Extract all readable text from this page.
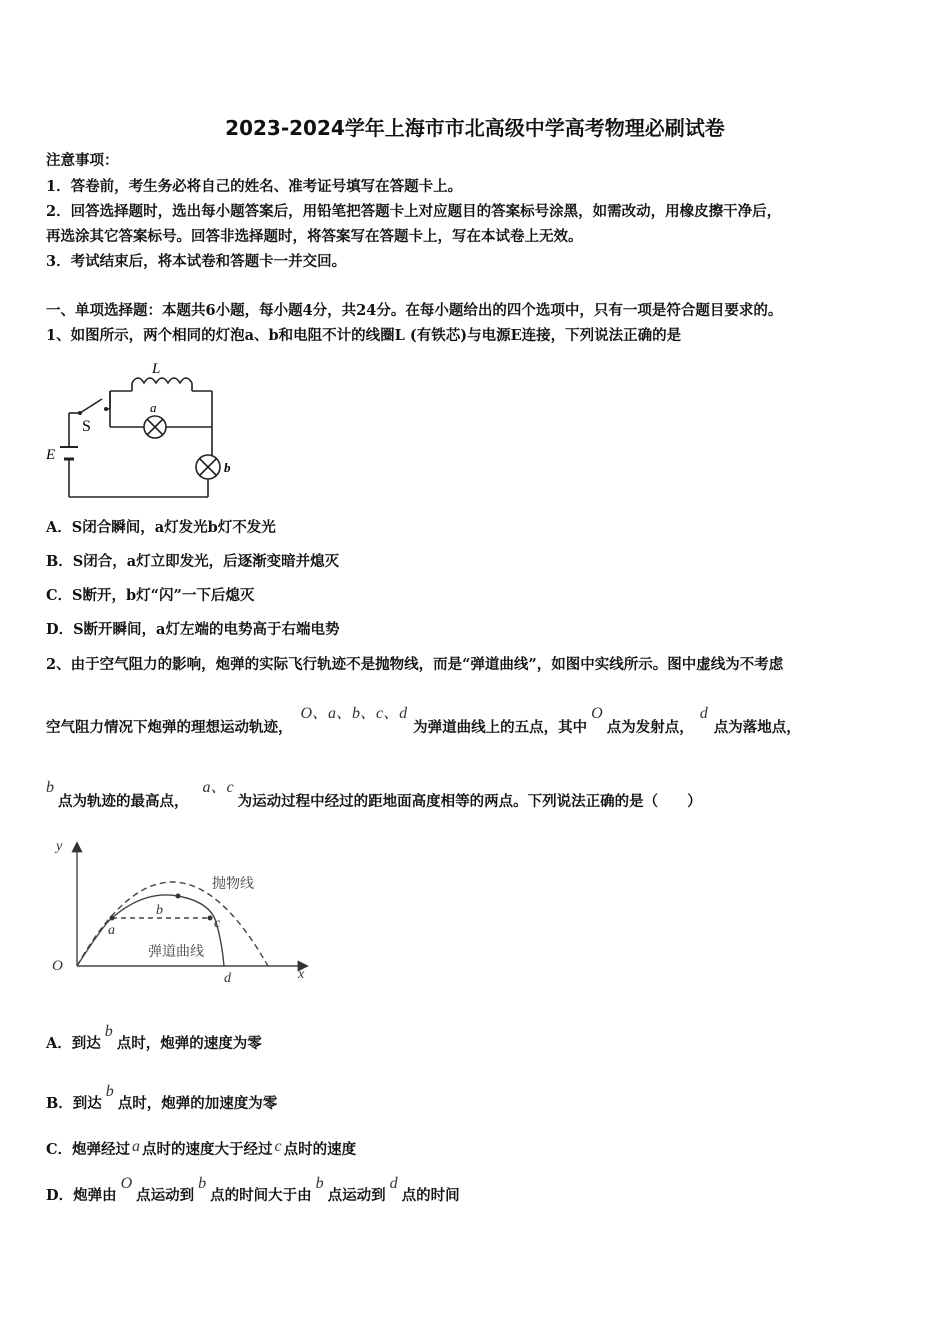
2023-2024学年上海市市北高级中学高考物理必刷试卷
注意事项：
1．答卷前，考生务必将自己的姓名、准考证号填写在答题卡上。
2．回答选择题时，选出每小题答案后，用铅笔把答题卡上对应题目的答案标号涂黑，如需改动，用橡皮擦干净后，
再选涂其它答案标号。回答非选择题时，将答案写在答题卡上，写在本试卷上无效。
3．考试结束后，将本试卷和答题卡一并交回。
一、单项选择题：本题共6小题，每小题4分，共24分。在每小题给出的四个选项中，只有一项是符合题目要求的。
1、如图所示，两个相同的灯泡a、b和电阻不计的线圈L (有铁芯)与电源E连接，下列说法正确的是
L
a
S
E
b
A．S闭合瞬间，a灯发光b灯不发光
B．S闭合，a灯立即发光，后逐渐变暗并熄灭
C．S断开，b灯“闪”一下后熄灭
D．S断开瞬间，a灯左端的电势高于右端电势
2、由于空气阻力的影响，炮弹的实际飞行轨迹不是抛物线，而是“弹道曲线”，如图中实线所示。图中虚线为不考虑
空气阻力情况下炮弹的理想运动轨迹，O、a、b、c、d为弹道曲线上的五点，其中O点为发射点，d点为落地点，
b点为轨迹的最高点，a、c为运动过程中经过的距地面高度相等的两点。下列说法正确的是（　　）
y
x
O
a
b
c
d
抛物线
弹道曲线
A．到达b点时，炮弹的速度为零
B．到达b点时，炮弹的加速度为零
C．炮弹经过 a 点时的速度大于经过 c 点时的速度
D．炮弹由O点运动到b点的时间大于由b点运动到d点的时间
